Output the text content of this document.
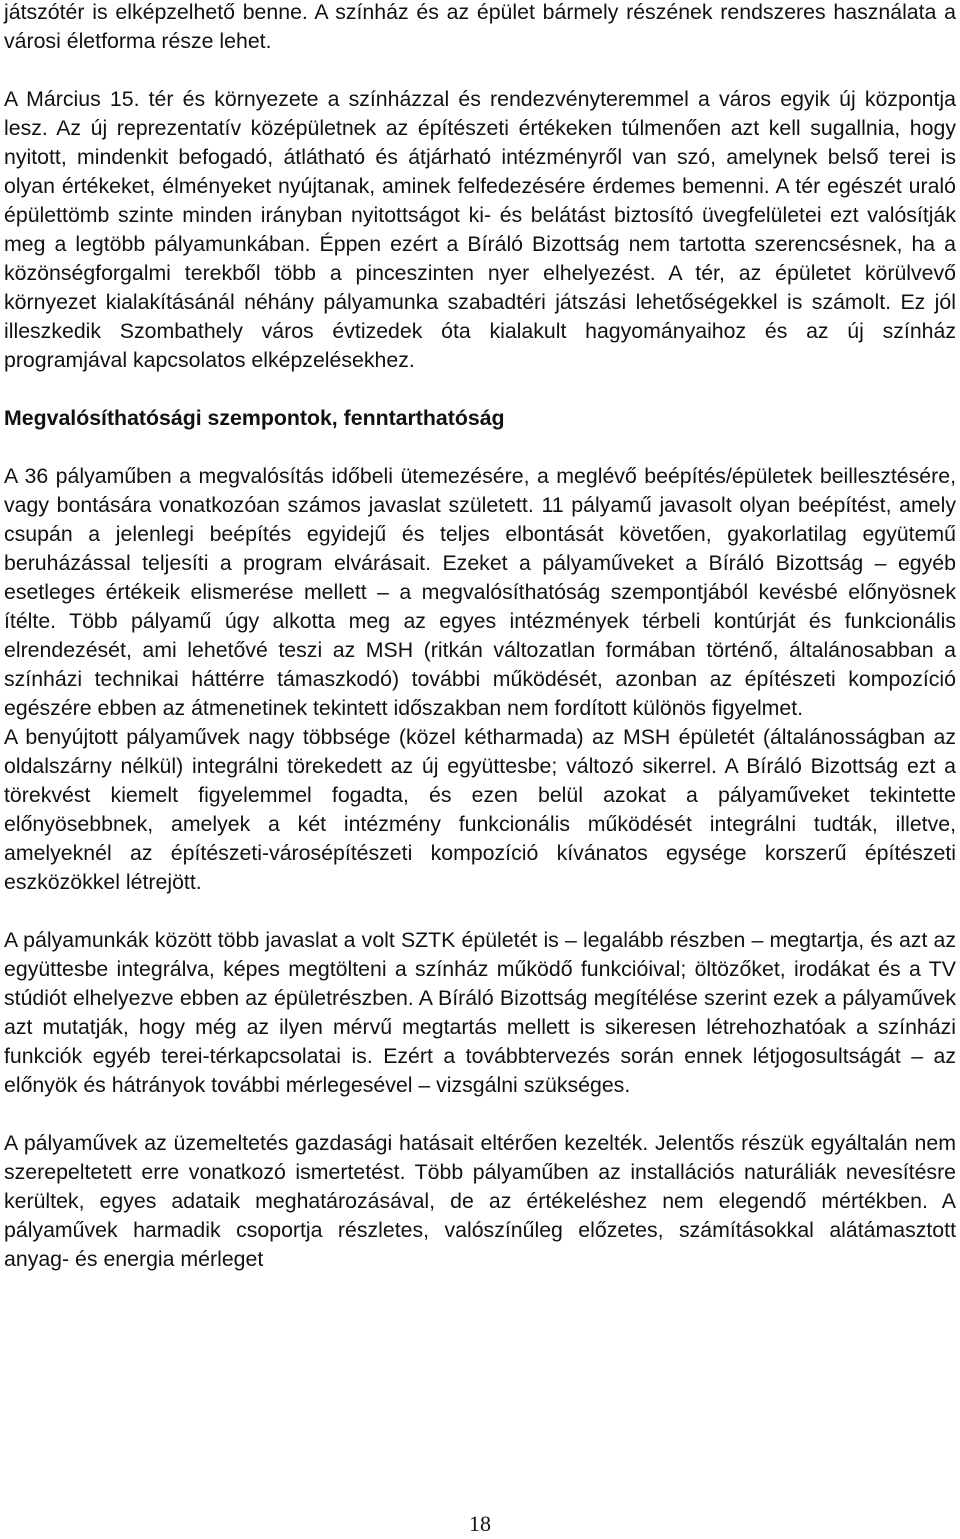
játszótér is elképzelhető benne. A színház és az épület bármely részének rendszeres használata a városi életforma része lehet.

A Március 15. tér és környezete a színházzal és rendezvényteremmel a város egyik új központja lesz. Az új reprezentatív középületnek az építészeti értékeken túlmenően azt kell sugallnia, hogy nyitott, mindenkit befogadó, átlátható és átjárható intézményről van szó, amelynek belső terei is olyan értékeket, élményeket nyújtanak, aminek felfedezésére érdemes bemenni. A tér egészét uraló épülettömb szinte minden irányban nyitottságot ki- és belátást biztosító üvegfelületei ezt valósítják meg a legtöbb pályamunkában. Éppen ezért a Bíráló Bizottság nem tartotta szerencsésnek, ha a közönségforgalmi terekből több a pinceszinten nyer elhelyezést. A tér, az épületet körülvevő környezet kialakításánál néhány pályamunka szabadtéri játszási lehetőségekkel is számolt. Ez jól illeszkedik Szombathely város évtizedek óta kialakult hagyományaihoz és az új színház programjával kapcsolatos elképzelésekhez.

Megvalósíthatósági szempontok, fenntarthatóság

A 36 pályaműben a megvalósítás időbeli ütemezésére, a meglévő beépítés/épületek beillesztésére, vagy bontására vonatkozóan számos javaslat született. 11 pályamű javasolt olyan beépítést, amely csupán a jelenlegi beépítés egyidejű és teljes elbontását követően, gyakorlatilag együtemű beruházással teljesíti a program elvárásait. Ezeket a pályaműveket a Bíráló Bizottság – egyéb esetleges értékeik elismerése mellett – a megvalósíthatóság szempontjából kevésbé előnyösnek ítélte. Több pályamű úgy alkotta meg az egyes intézmények térbeli kontúrját és funkcionális elrendezését, ami lehetővé teszi az MSH (ritkán változatlan formában történő, általánosabban a színházi technikai háttérre támaszkodó) további működését, azonban az építészeti kompozíció egészére ebben az átmenetinek tekintett időszakban nem fordított különös figyelmet.

A benyújtott pályaművek nagy többsége (közel kétharmada) az MSH épületét (általánosságban az oldalszárny nélkül) integrálni törekedett az új együttesbe; változó sikerrel. A Bíráló Bizottság ezt a törekvést kiemelt figyelemmel fogadta, és ezen belül azokat a pályaműveket tekintette előnyösebbnek, amelyek a két intézmény funkcionális működését integrálni tudták, illetve, amelyeknél az építészeti-városépítészeti kompozíció kívánatos egysége korszerű építészeti eszközökkel létrejött.

A pályamunkák között több javaslat a volt SZTK épületét is – legalább részben – megtartja, és azt az együttesbe integrálva, képes megtölteni a színház működő funkcióival; öltözőket, irodákat és a TV stúdiót elhelyezve ebben az épületrészben. A Bíráló Bizottság megítélése szerint ezek a pályaművek azt mutatják, hogy még az ilyen mérvű megtartás mellett is sikeresen létrehozhatóak a színházi funkciók egyéb terei-térkapcsolatai is. Ezért a továbbtervezés során ennek létjogosultságát – az előnyök és hátrányok további mérlegesével – vizsgálni szükséges.

A pályaművek az üzemeltetés gazdasági hatásait eltérően kezelték. Jelentős részük egyáltalán nem szerepeltetett erre vonatkozó ismertetést. Több pályaműben az installációs naturáliák nevesítésre kerültek, egyes adataik meghatározásával, de az értékeléshez nem elegendő mértékben. A pályaművek harmadik csoportja részletes, valószínűleg előzetes, számításokkal alátámasztott anyag- és energia mérleget

18
